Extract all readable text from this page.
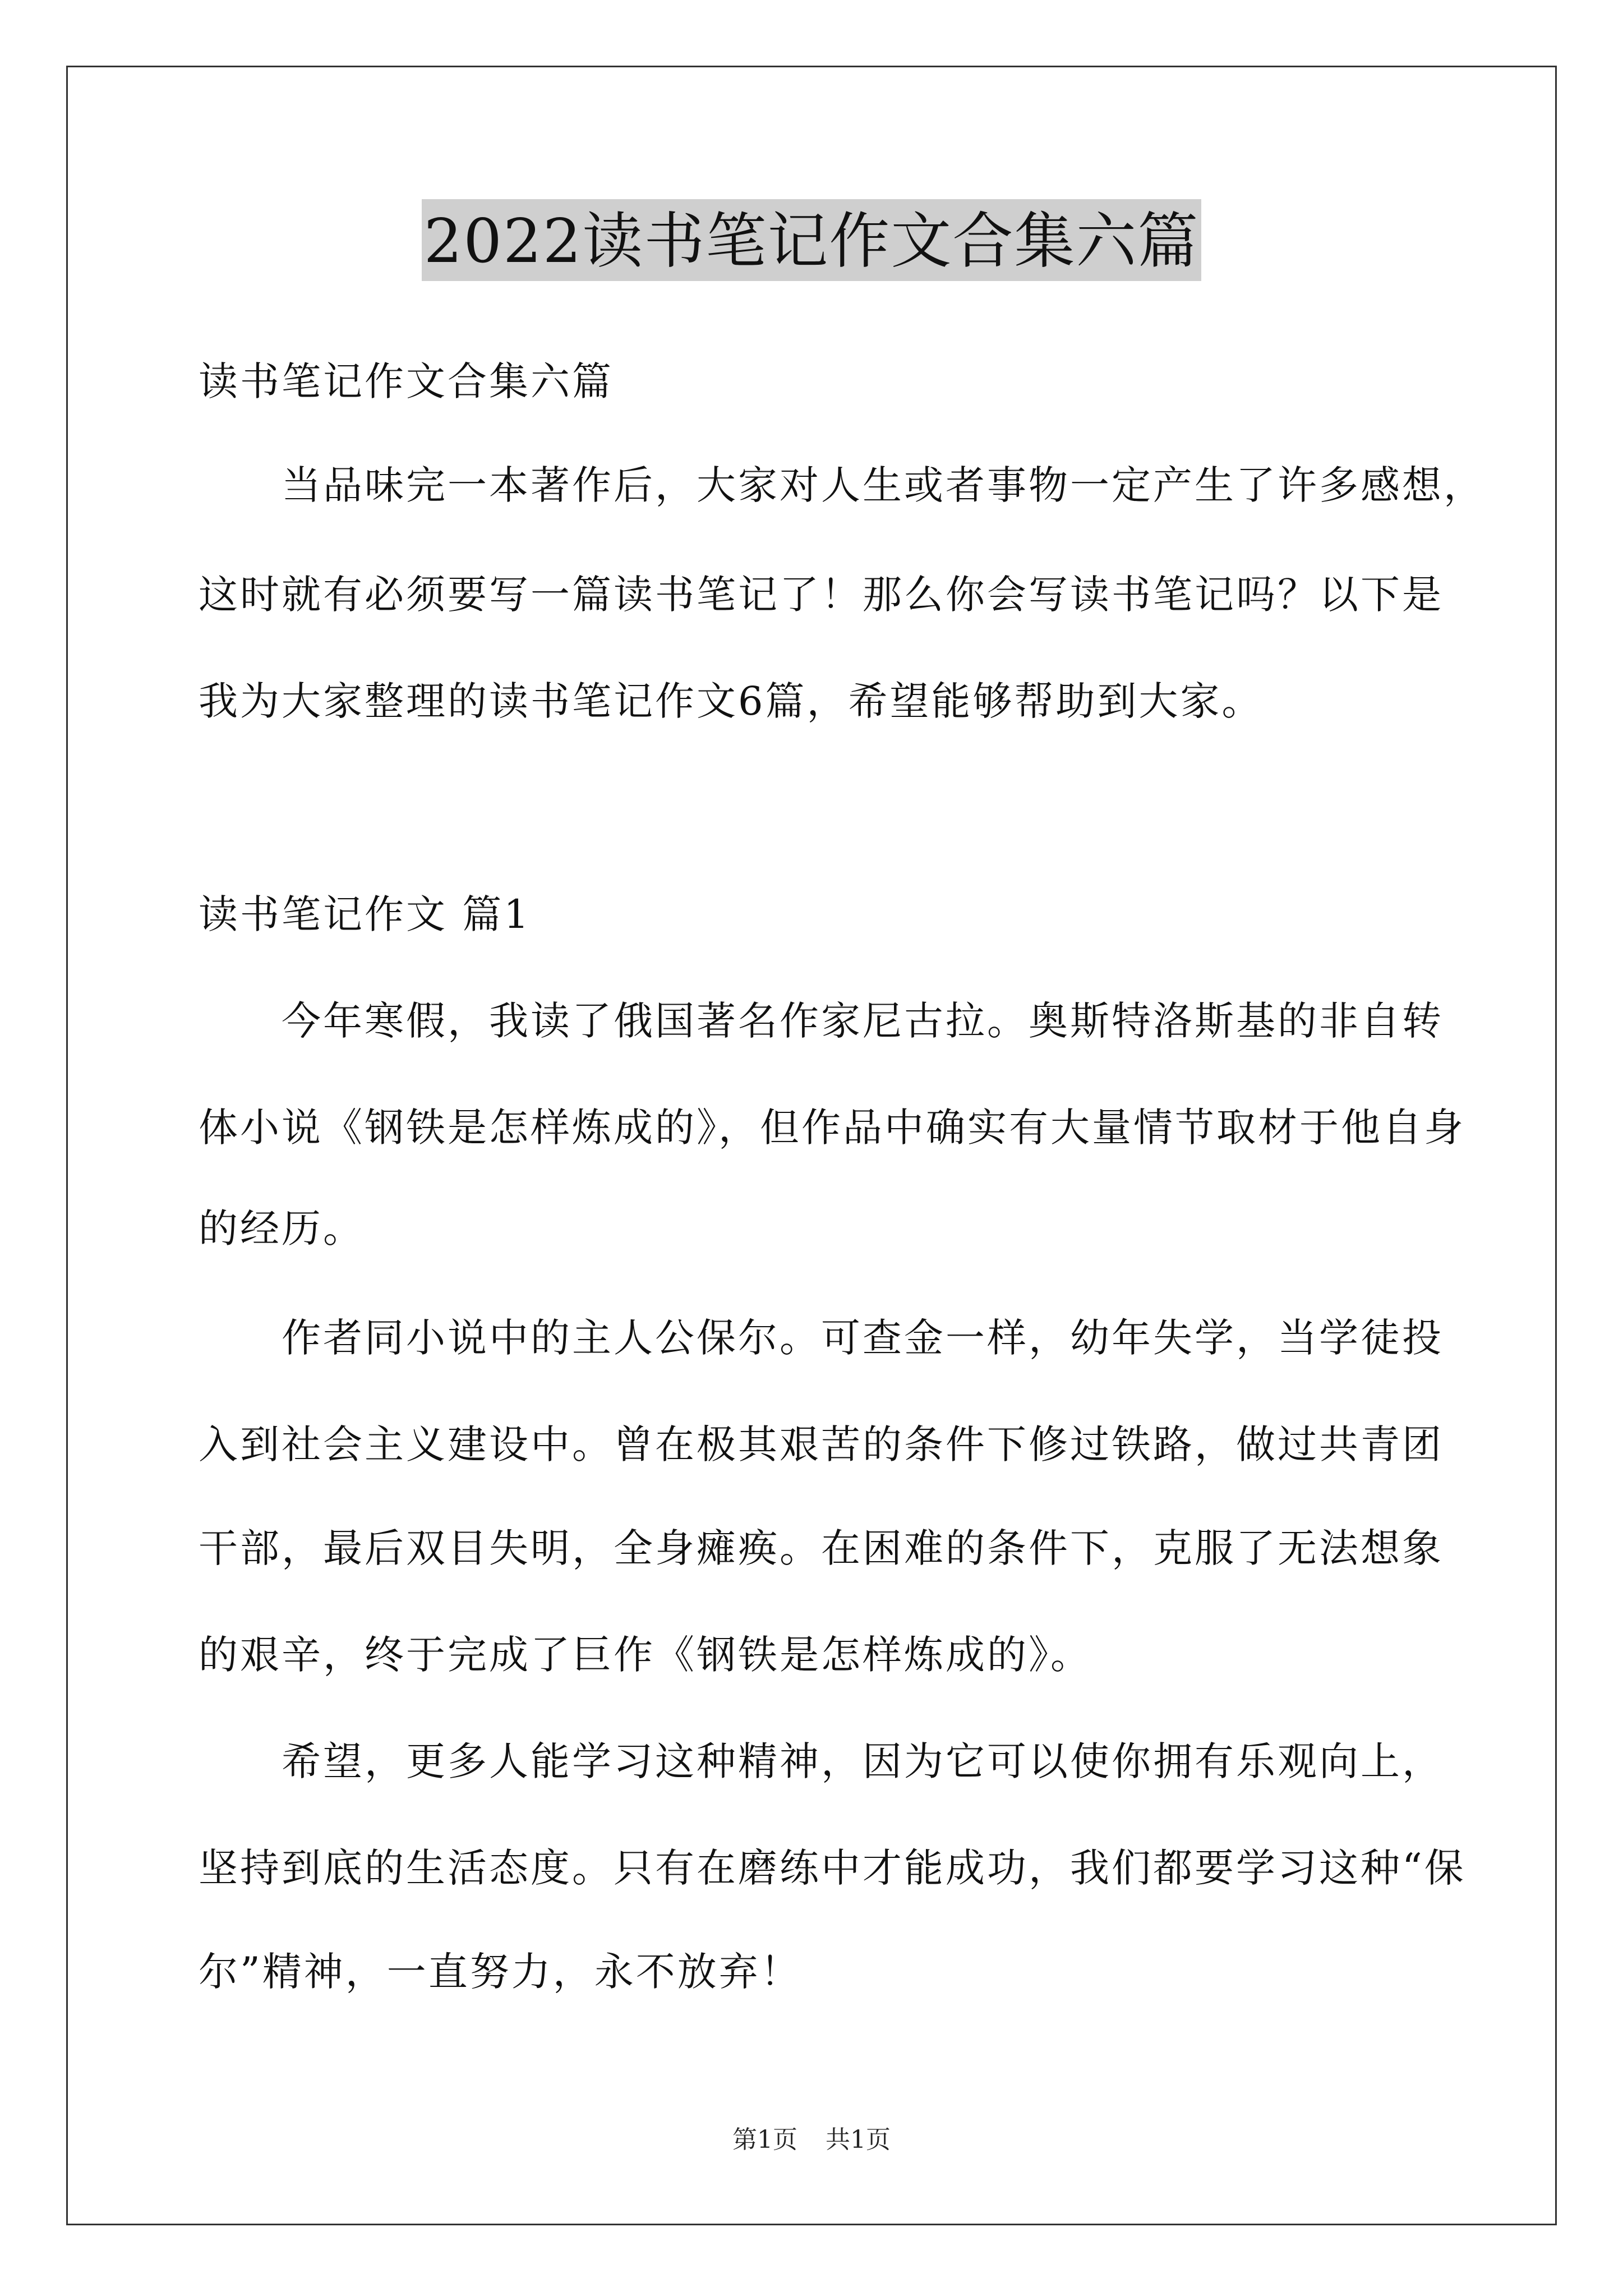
2022读书笔记作文合集六篇
读书笔记作文合集六篇
当品味完一本著作后，大家对人生或者事物一定产生了许多感想，
这时就有必须要写一篇读书笔记了！那么你会写读书笔记吗？以下是
我为大家整理的读书笔记作文6篇，希望能够帮助到大家。
读书笔记作文 篇1
今年寒假，我读了俄国著名作家尼古拉。奥斯特洛斯基的非自转
体小说《钢铁是怎样炼成的》，但作品中确实有大量情节取材于他自身
的经历。
作者同小说中的主人公保尔。可查金一样，幼年失学，当学徒投
入到社会主义建设中。曾在极其艰苦的条件下修过铁路，做过共青团
干部，最后双目失明，全身瘫痪。在困难的条件下，克服了无法想象
的艰辛，终于完成了巨作《钢铁是怎样炼成的》。
希望，更多人能学习这种精神，因为它可以使你拥有乐观向上，
坚持到底的生活态度。只有在磨练中才能成功，我们都要学习这种“保
尔”精神，一直努力，永不放弃！
第1页 共1页
